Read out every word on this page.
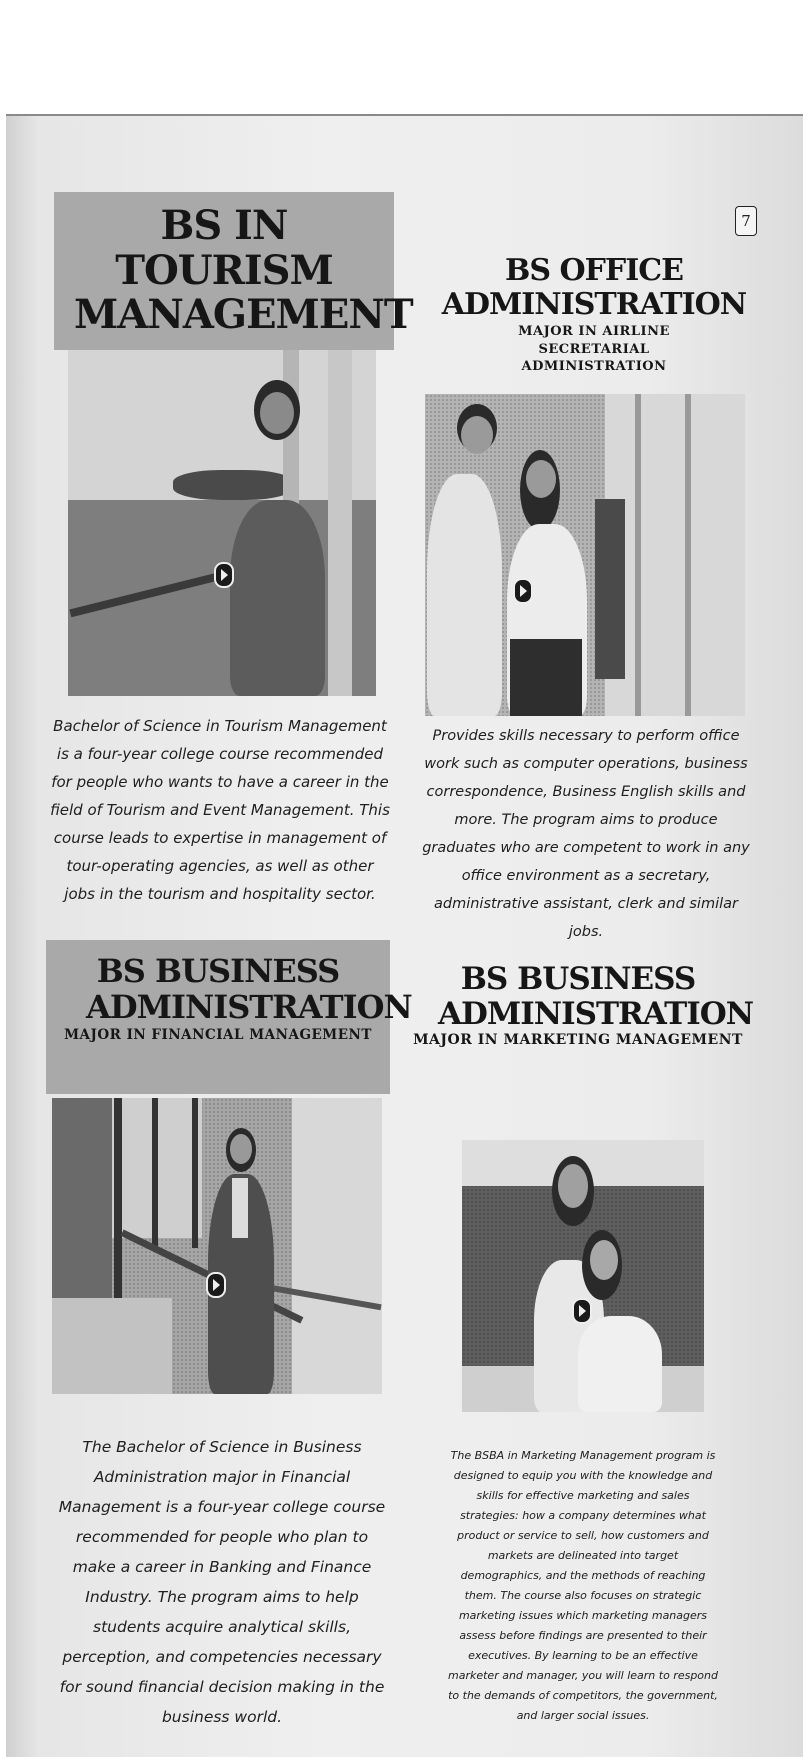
7
BS IN TOURISM MANAGEMENT
Bachelor of Science in Tourism Management is a four-year college course recommended for people who wants to have a career in the field of Tourism and Event Management. This course leads to expertise in management of tour-operating agencies, as well as other jobs in the tourism and hospitality sector.
BS OFFICE ADMINISTRATION
MAJOR IN AIRLINE SECRETARIAL ADMINISTRATION
Provides skills necessary to perform office work such as computer operations, business correspondence, Business English skills and more. The program aims to produce graduates who are competent to work in any office environment as a secretary, administrative assistant, clerk and similar jobs.
BS BUSINESS ADMINISTRATION
MAJOR IN FINANCIAL MANAGEMENT
The Bachelor of Science in Business Administration major in Financial Management is a four-year college course recommended for people who plan to make a career in Banking and Finance Industry. The program aims to help students acquire analytical skills, perception, and competencies necessary for sound financial decision making in the business world.
BS BUSINESS ADMINISTRATION
MAJOR IN MARKETING MANAGEMENT
The BSBA in Marketing Management program is designed to equip you with the knowledge and skills for effective marketing and sales strategies: how a company determines what product or service to sell, how customers and markets are delineated into target demographics, and the methods of reaching them. The course also focuses on strategic marketing issues which marketing managers assess before findings are presented to their executives. By learning to be an effective marketer and manager, you will learn to respond to the demands of competitors, the government, and larger social issues.
